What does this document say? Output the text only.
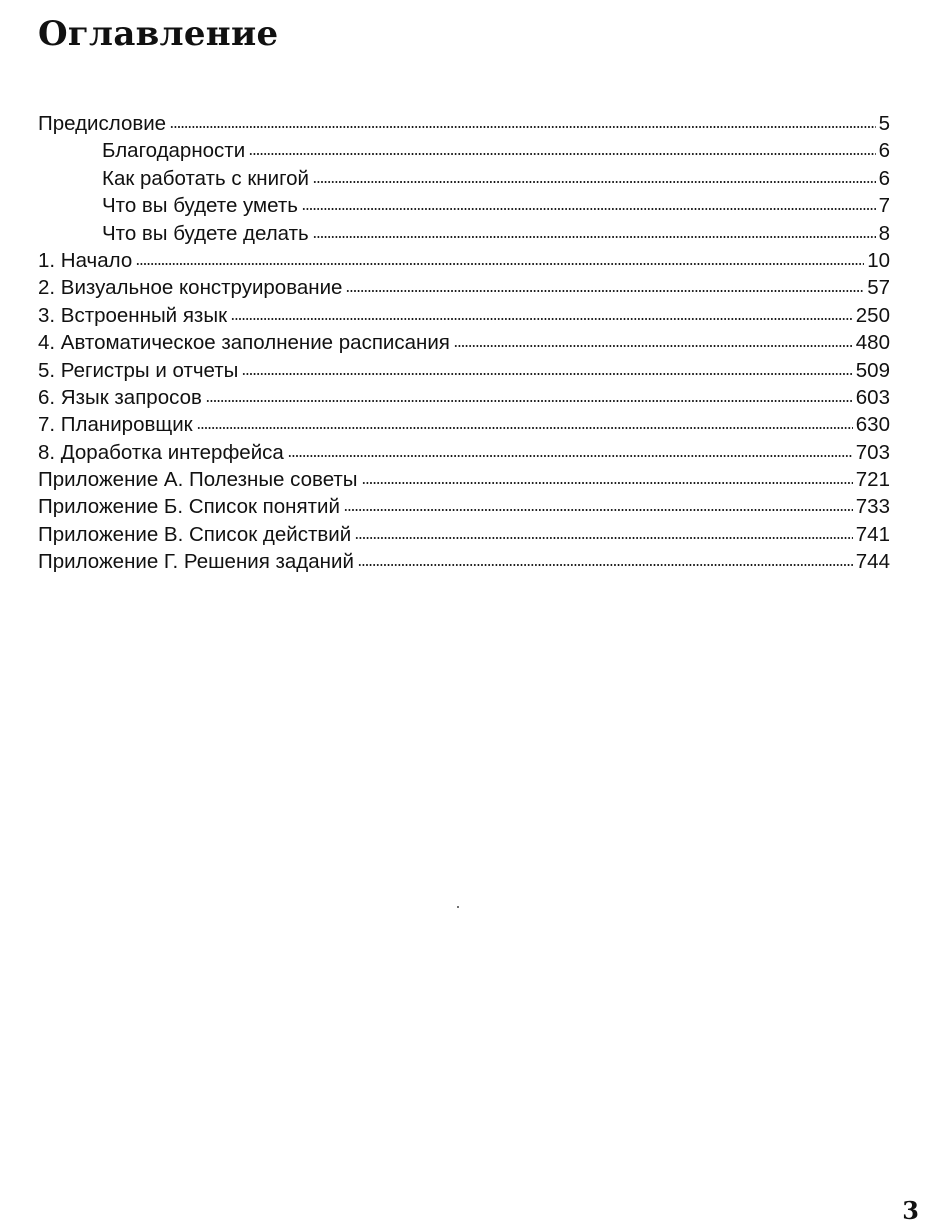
Оглавление
Предисловие	5
Благодарности	6
Как работать с книгой	6
Что вы будете уметь	7
Что вы будете делать	8
1. Начало	10
2. Визуальное конструирование	57
3. Встроенный язык	250
4. Автоматическое заполнение расписания	480
5. Регистры и отчеты	509
6. Язык запросов	603
7. Планировщик	630
8. Доработка интерфейса	703
Приложение А. Полезные советы	721
Приложение Б. Список понятий	733
Приложение В. Список действий	741
Приложение Г. Решения заданий	744
3
